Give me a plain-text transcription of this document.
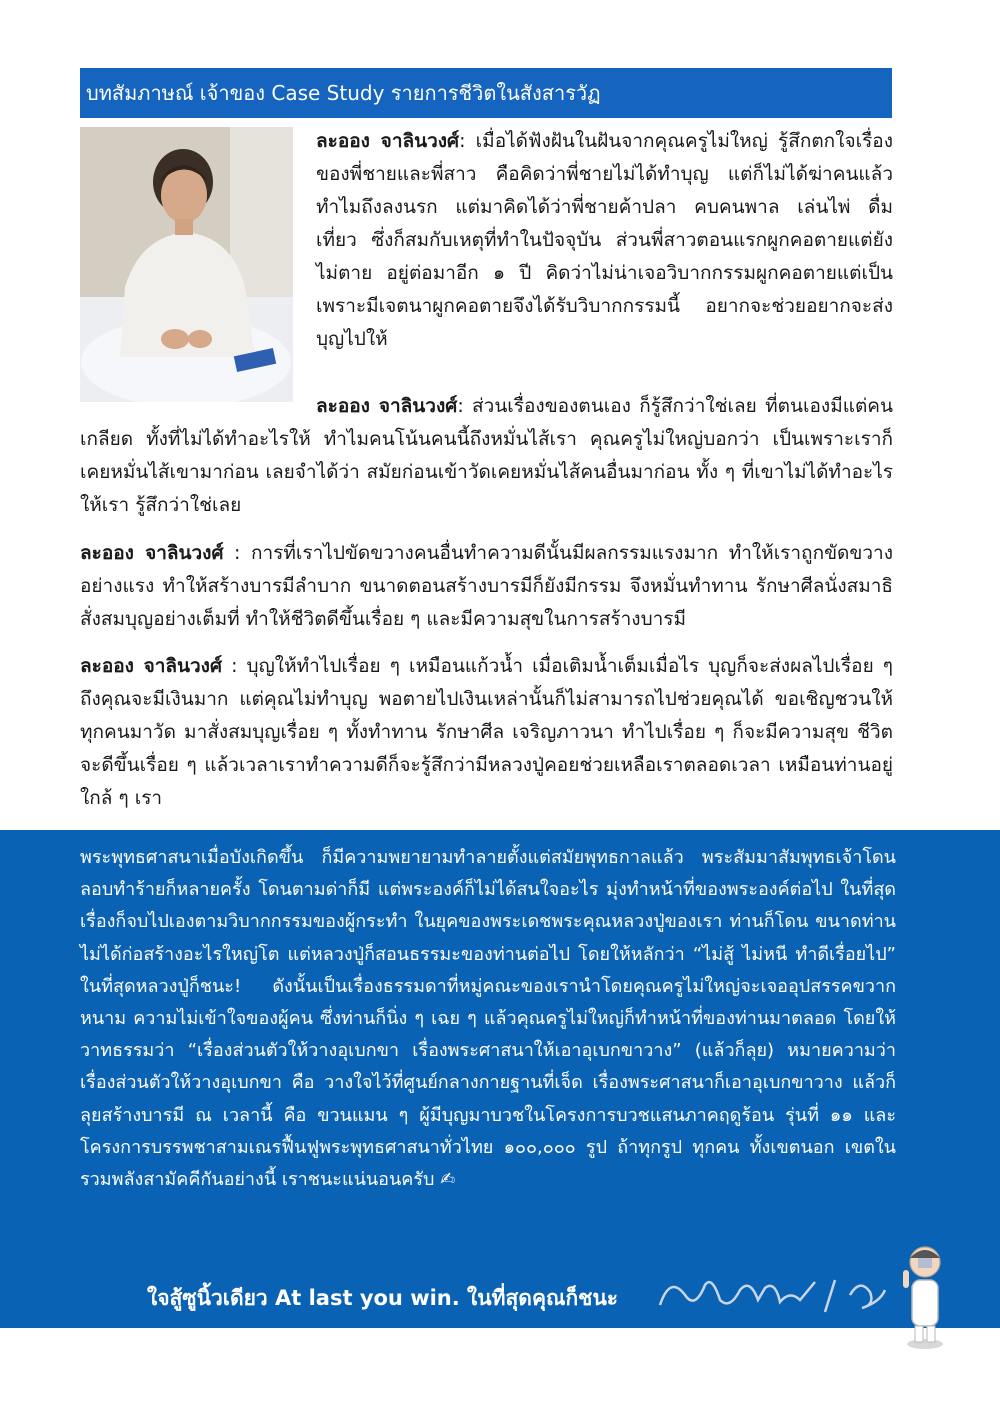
บทสัมภาษณ์ เจ้าของ Case Study รายการชีวิตในสังสารวัฏ
ละออง จาลินวงศ์: เมื่อได้ฟังฝันในฝันจากคุณครูไม่ใหญ่ รู้สึกตกใจเรื่องของพี่ชายและพี่สาว คือคิดว่าพี่ชายไม่ได้ทำบุญ แต่ก็ไม่ได้ฆ่าคนแล้วทำไมถึงลงนรก แต่มาคิดได้ว่าพี่ชายค้าปลา คบคนพาล เล่นไพ่ ดื่ม เที่ยว ซึ่งก็สมกับเหตุที่ทำในปัจจุบัน ส่วนพี่สาวตอนแรกผูกคอตายแต่ยังไม่ตาย อยู่ต่อมาอีก ๑ ปี คิดว่าไม่น่าเจอวิบากกรรมผูกคอตายแต่เป็นเพราะมีเจตนาผูกคอตายจึงได้รับวิบากกรรมนี้ อยากจะช่วยอยากจะส่งบุญไปให้
ละออง จาลินวงศ์: ส่วนเรื่องของตนเอง ก็รู้สึกว่าใช่เลย ที่ตนเองมีแต่คนเกลียด ทั้งที่ไม่ได้ทำอะไรให้ ทำไมคนโน้นคนนี้ถึงหมั่นไส้เรา คุณครูไม่ใหญ่บอกว่า เป็นเพราะเราก็เคยหมั่นไส้เขามาก่อน เลยจำได้ว่า สมัยก่อนเข้าวัดเคยหมั่นไส้คนอื่นมาก่อน ทั้ง ๆ ที่เขาไม่ได้ทำอะไรให้เรา รู้สึกว่าใช่เลย
ละออง จาลินวงศ์ : การที่เราไปขัดขวางคนอื่นทำความดีนั้นมีผลกรรมแรงมาก ทำให้เราถูกขัดขวางอย่างแรง ทำให้สร้างบารมีลำบาก ขนาดตอนสร้างบารมีก็ยังมีกรรม จึงหมั่นทำทาน รักษาศีลนั่งสมาธิ สั่งสมบุญอย่างเต็มที่ ทำให้ชีวิตดีขึ้นเรื่อย ๆ และมีความสุขในการสร้างบารมี
ละออง จาลินวงศ์ : บุญให้ทำไปเรื่อย ๆ เหมือนแก้วน้ำ เมื่อเติมน้ำเต็มเมื่อไร บุญก็จะส่งผลไปเรื่อย ๆ ถึงคุณจะมีเงินมาก แต่คุณไม่ทำบุญ พอตายไปเงินเหล่านั้นก็ไม่สามารถไปช่วยคุณได้ ขอเชิญชวนให้ทุกคนมาวัด มาสั่งสมบุญเรื่อย ๆ ทั้งทำทาน รักษาศีล เจริญภาวนา ทำไปเรื่อย ๆ ก็จะมีความสุข ชีวิตจะดีขึ้นเรื่อย ๆ แล้วเวลาเราทำความดีก็จะรู้สึกว่ามีหลวงปู่คอยช่วยเหลือเราตลอดเวลา เหมือนท่านอยู่ใกล้ ๆ เรา
พระพุทธศาสนาเมื่อบังเกิดขึ้น ก็มีความพยายามทำลายตั้งแต่สมัยพุทธกาลแล้ว พระสัมมาสัมพุทธเจ้าโดนลอบทำร้ายก็หลายครั้ง โดนตามด่าก็มี แต่พระองค์ก็ไม่ได้สนใจอะไร มุ่งทำหน้าที่ของพระองค์ต่อไป ในที่สุดเรื่องก็จบไปเองตามวิบากกรรมของผู้กระทำ ในยุคของพระเดชพระคุณหลวงปู่ของเรา ท่านก็โดน ขนาดท่านไม่ได้ก่อสร้างอะไรใหญ่โต แต่หลวงปู่ก็สอนธรรมะของท่านต่อไป โดยให้หลักว่า “ไม่สู้ ไม่หนี ทำดีเรื่อยไป” ในที่สุดหลวงปู่ก็ชนะ! ดังนั้นเป็นเรื่องธรรมดาที่หมู่คณะของเรานำโดยคุณครูไม่ใหญ่จะเจออุปสรรคขวากหนาม ความไม่เข้าใจของผู้คน ซึ่งท่านก็นิ่ง ๆ เฉย ๆ แล้วคุณครูไม่ใหญ่ก็ทำหน้าที่ของท่านมาตลอด โดยให้วาทธรรมว่า “เรื่องส่วนตัวให้วางอุเบกขา เรื่องพระศาสนาให้เอาอุเบกขาวาง” (แล้วก็ลุย) หมายความว่า เรื่องส่วนตัวให้วางอุเบกขา คือ วางใจไว้ที่ศูนย์กลางกายฐานที่เจ็ด เรื่องพระศาสนาก็เอาอุเบกขาวาง แล้วก็ลุยสร้างบารมี ณ เวลานี้ คือ ขวนแมน ๆ ผู้มีบุญมาบวชในโครงการบวชแสนภาคฤดูร้อน รุ่นที่ ๑๑ และโครงการบรรพชาสามเณรฟื้นฟูพระพุทธศาสนาทั่วไทย ๑๐๐,๐๐๐ รูป ถ้าทุกรูป ทุกคน ทั้งเขตนอก เขตใน รวมพลังสามัคคีกันอย่างนี้ เราชนะแน่นอนครับ ✍
ใจสู้ซูนิ้วเดียว At last you win. ในที่สุดคุณก็ชนะ
